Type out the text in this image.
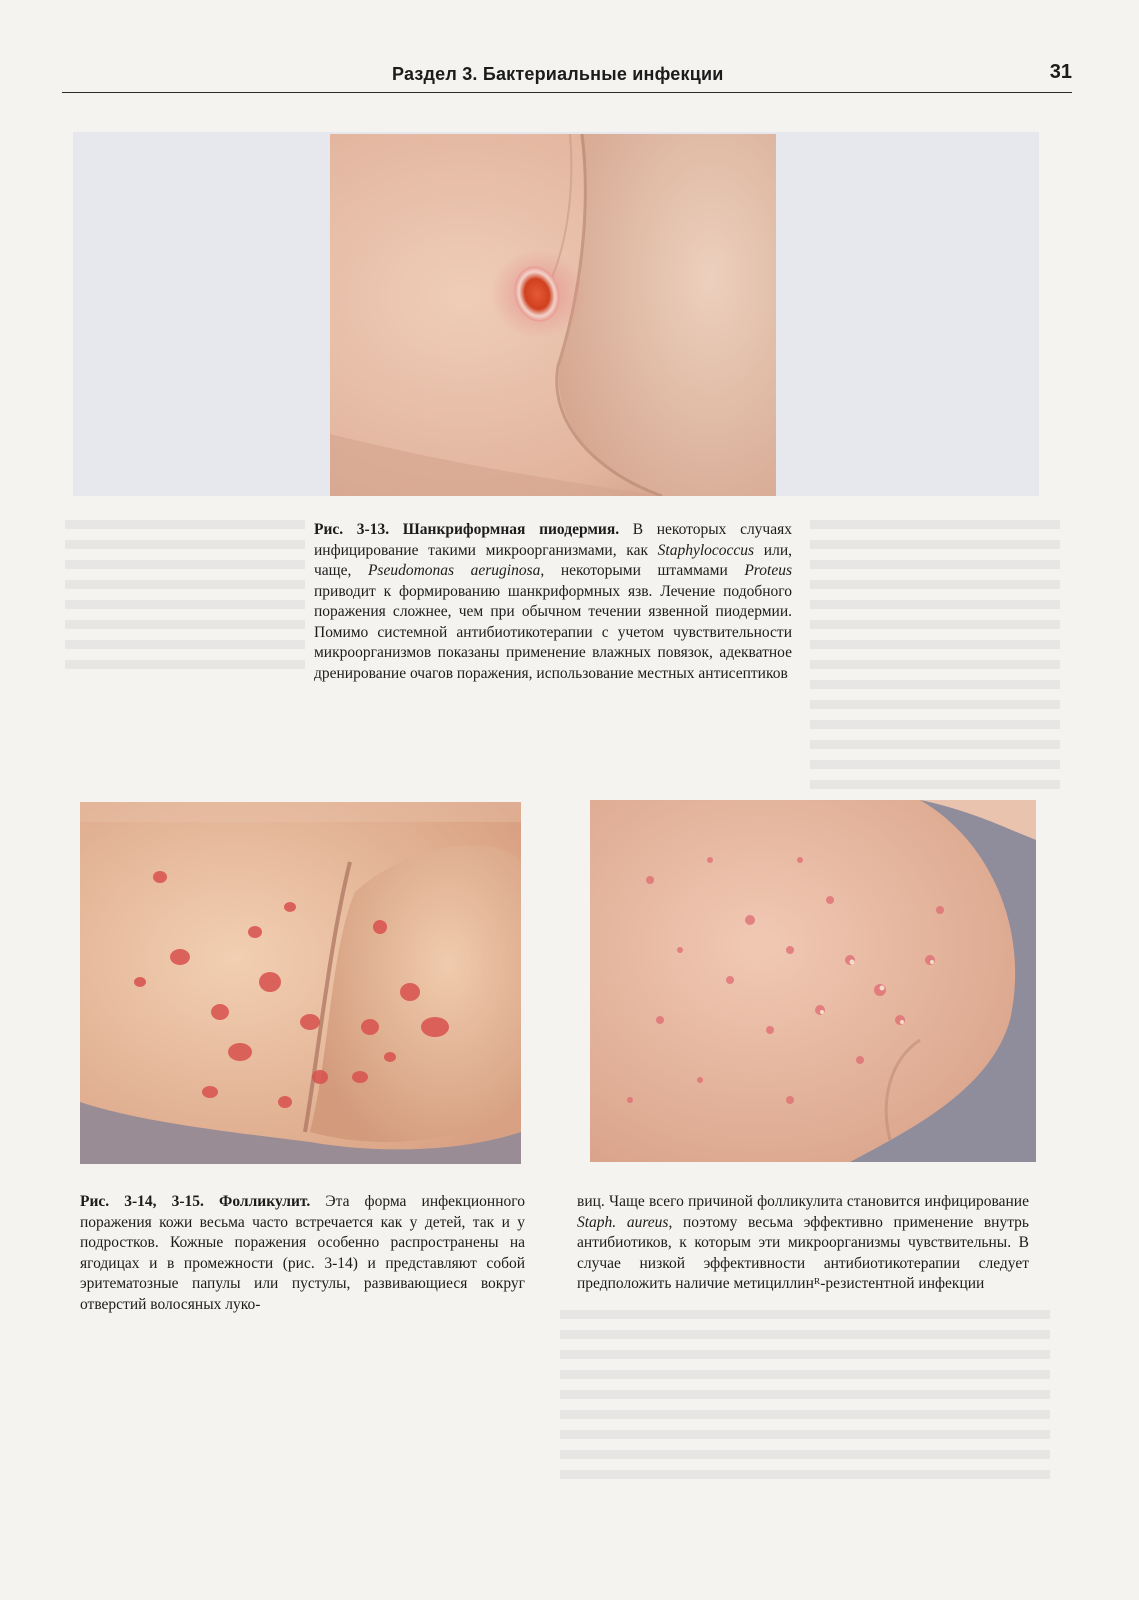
Раздел 3. Бактериальные инфекции	31
Рис. 3-13. Шанкриформная пиодермия. В некоторых случаях инфицирование такими микроорганизмами, как Staphylococcus или, чаще, Pseudomonas aeruginosa, некоторыми штаммами Proteus приводит к формированию шанкриформных язв. Лечение подобного поражения сложнее, чем при обычном течении язвенной пиодермии. Помимо системной антибиотикотерапии с учетом чувствительности микроорганизмов показаны применение влажных повязок, адекватное дренирование очагов поражения, использование местных антисептиков
Рис. 3-14, 3-15. Фолликулит. Эта форма инфекционного поражения кожи весьма часто встречается как у детей, так и у подростков. Кожные поражения особенно распространены на ягодицах и в промежности (рис. 3-14) и представляют собой эритематозные папулы или пустулы, развивающиеся вокруг отверстий волосяных луко-
виц. Чаще всего причиной фолликулита становится инфицирование Staph. aureus, поэтому весьма эффективно применение внутрь антибиотиков, к которым эти микроорганизмы чувствительны. В случае низкой эффективности антибиотикотерапии следует предположить наличие метициллинᴿ-резистентной инфекции
